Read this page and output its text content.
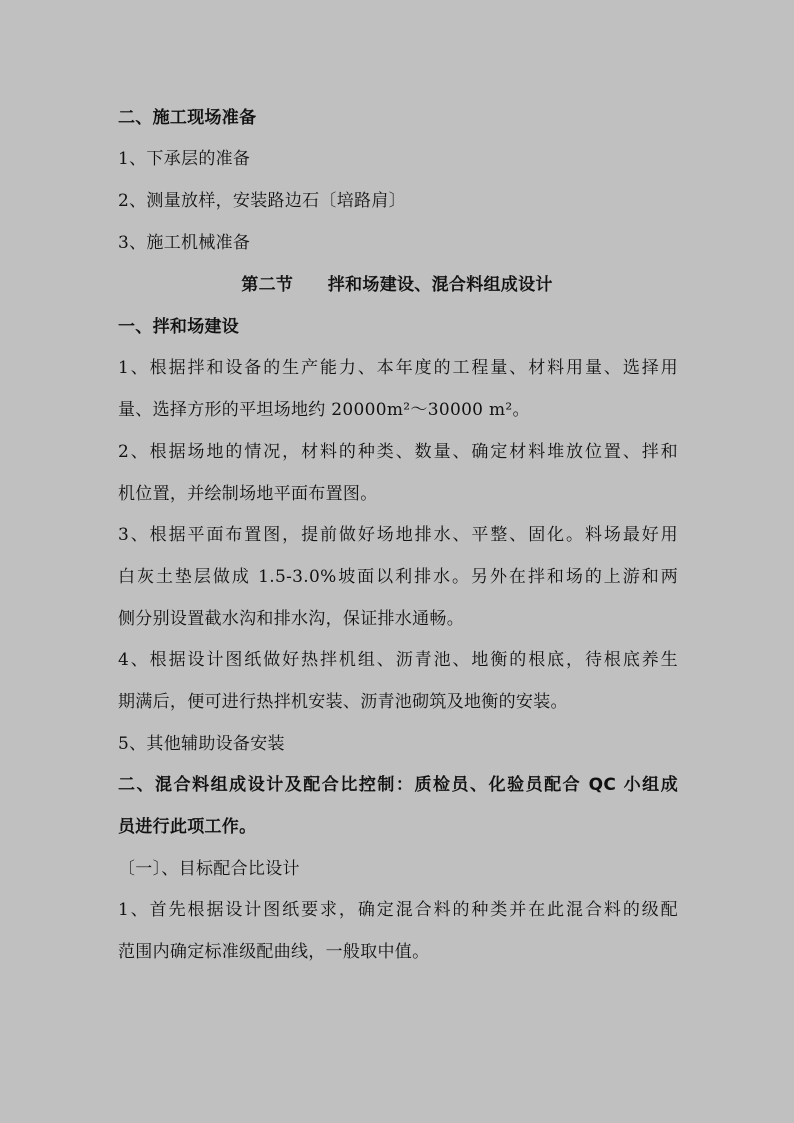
二、施工现场准备
1、下承层的准备
2、测量放样，安装路边石〔培路肩〕
3、施工机械准备
第二节　　拌和场建设、混合料组成设计
一、拌和场建设
1、根据拌和设备的生产能力、本年度的工程量、材料用量、选择用
量、选择方形的平坦场地约 20000m²～30000 m²。
2、根据场地的情况，材料的种类、数量、确定材料堆放位置、拌和
机位置，并绘制场地平面布置图。
3、根据平面布置图，提前做好场地排水、平整、固化。料场最好用
白灰土垫层做成 1.5-3.0%坡面以利排水。另外在拌和场的上游和两
侧分别设置截水沟和排水沟，保证排水通畅。
4、根据设计图纸做好热拌机组、沥青池、地衡的根底，待根底养生
期满后，便可进行热拌机安装、沥青池砌筑及地衡的安装。
5、其他辅助设备安装
二、混合料组成设计及配合比控制：质检员、化验员配合 QC 小组成
员进行此项工作。
〔一〕、目标配合比设计
1、首先根据设计图纸要求，确定混合料的种类并在此混合料的级配
范围内确定标准级配曲线，一般取中值。
